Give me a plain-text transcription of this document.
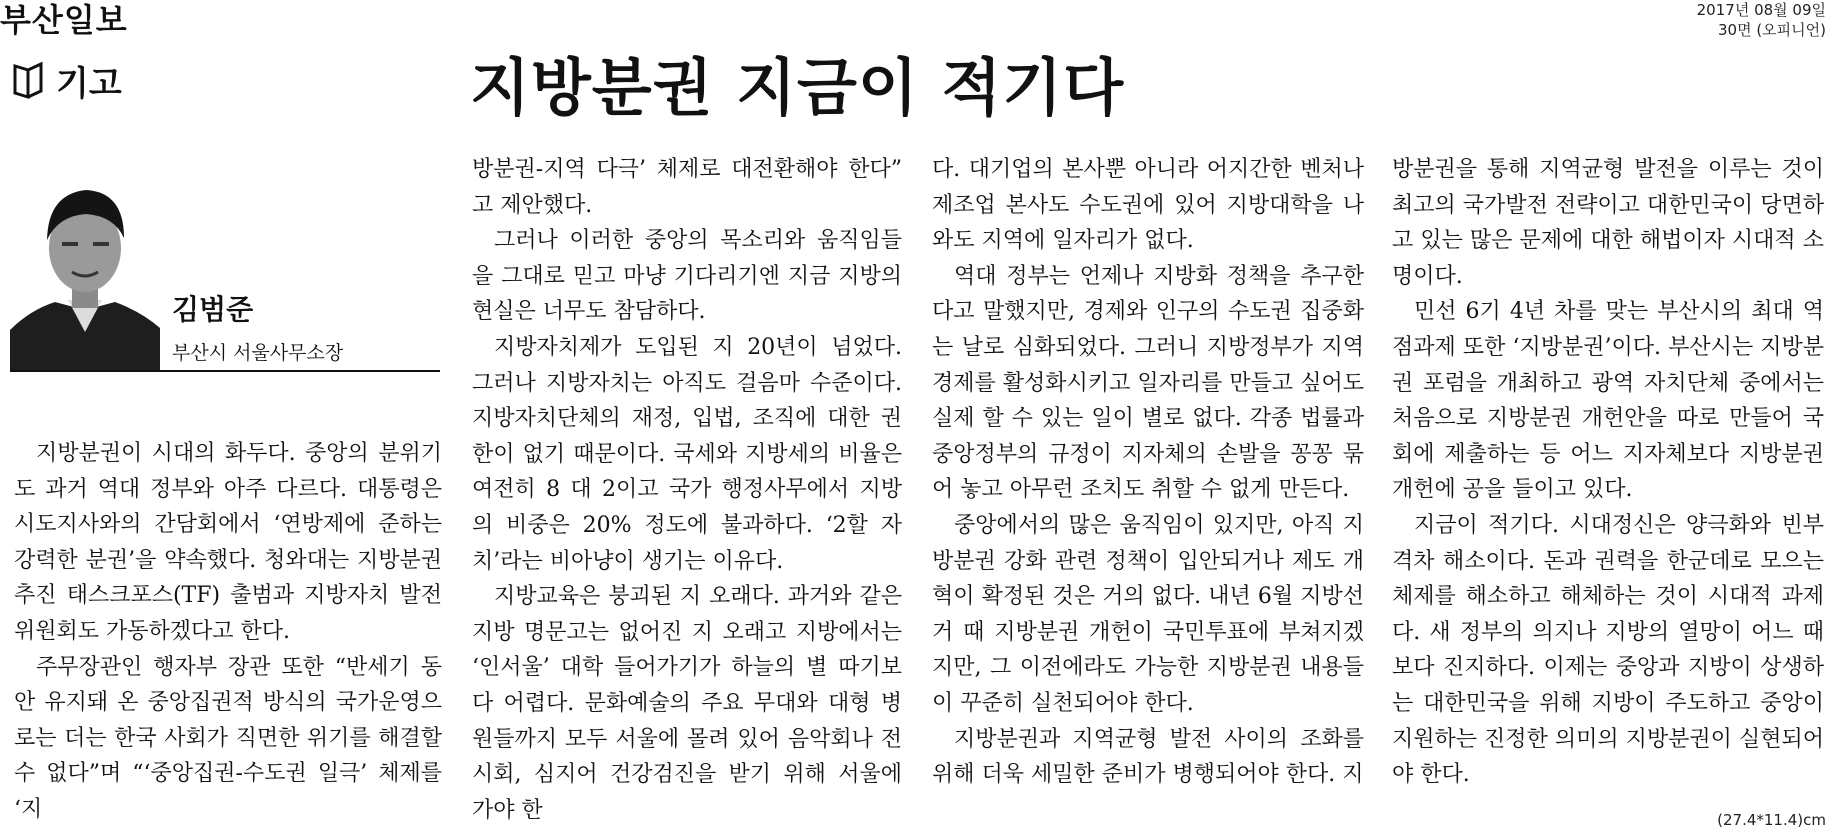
부산일보
기고
2017년 08월 09일
30면 (오피니언)
지방분권 지금이 적기다
김범준
부산시 서울사무소장

지방분권이 시대의 화두다. 중앙의 분위기도 과거 역대 정부와 아주 다르다. 대통령은 시도지사와의 간담회에서 ‘연방제에 준하는 강력한 분권’을 약속했다. 청와대는 지방분권 추진 태스크포스(TF) 출범과 지방자치 발전위원회도 가동하겠다고 한다.

주무장관인 행자부 장관 또한 “반세기 동안 유지돼 온 중앙집권적 방식의 국가운영으로는 더는 한국 사회가 직면한 위기를 해결할 수 없다”며 “‘중앙집권-수도권 일극’ 체제를 ‘지

방분권-지역 다극’ 체제로 대전환해야 한다” 고 제안했다.

그러나 이러한 중앙의 목소리와 움직임들을 그대로 믿고 마냥 기다리기엔 지금 지방의 현실은 너무도 참담하다.

지방자치제가 도입된 지 20년이 넘었다. 그러나 지방자치는 아직도 걸음마 수준이다. 지방자치단체의 재정, 입법, 조직에 대한 권한이 없기 때문이다. 국세와 지방세의 비율은 여전히 8 대 2이고 국가 행정사무에서 지방의 비중은 20% 정도에 불과하다. ‘2할 자치’라는 비아냥이 생기는 이유다.

지방교육은 붕괴된 지 오래다. 과거와 같은 지방 명문고는 없어진 지 오래고 지방에서는 ‘인서울’ 대학 들어가기가 하늘의 별 따기보다 어렵다. 문화예술의 주요 무대와 대형 병원들까지 모두 서울에 몰려 있어 음악회나 전시회, 심지어 건강검진을 받기 위해 서울에 가야 한

다. 대기업의 본사뿐 아니라 어지간한 벤처나 제조업 본사도 수도권에 있어 지방대학을 나와도 지역에 일자리가 없다.

역대 정부는 언제나 지방화 정책을 추구한다고 말했지만, 경제와 인구의 수도권 집중화는 날로 심화되었다. 그러니 지방정부가 지역경제를 활성화시키고 일자리를 만들고 싶어도 실제 할 수 있는 일이 별로 없다. 각종 법률과 중앙정부의 규정이 지자체의 손발을 꽁꽁 묶어 놓고 아무런 조치도 취할 수 없게 만든다.

중앙에서의 많은 움직임이 있지만, 아직 지방분권 강화 관련 정책이 입안되거나 제도 개혁이 확정된 것은 거의 없다. 내년 6월 지방선거 때 지방분권 개헌이 국민투표에 부쳐지겠지만, 그 이전에라도 가능한 지방분권 내용들이 꾸준히 실천되어야 한다.

지방분권과 지역균형 발전 사이의 조화를 위해 더욱 세밀한 준비가 병행되어야 한다. 지

방분권을 통해 지역균형 발전을 이루는 것이 최고의 국가발전 전략이고 대한민국이 당면하고 있는 많은 문제에 대한 해법이자 시대적 소명이다.

민선 6기 4년 차를 맞는 부산시의 최대 역점과제 또한 ‘지방분권’이다. 부산시는 지방분권 포럼을 개최하고 광역 자치단체 중에서는 처음으로 지방분권 개헌안을 따로 만들어 국회에 제출하는 등 어느 지자체보다 지방분권 개헌에 공을 들이고 있다.

지금이 적기다. 시대정신은 양극화와 빈부격차 해소이다. 돈과 권력을 한군데로 모으는 체제를 해소하고 해체하는 것이 시대적 과제다. 새 정부의 의지나 지방의 열망이 어느 때보다 진지하다. 이제는 중앙과 지방이 상생하는 대한민국을 위해 지방이 주도하고 중앙이 지원하는 진정한 의미의 지방분권이 실현되어야 한다.

(27.4*11.4)cm
